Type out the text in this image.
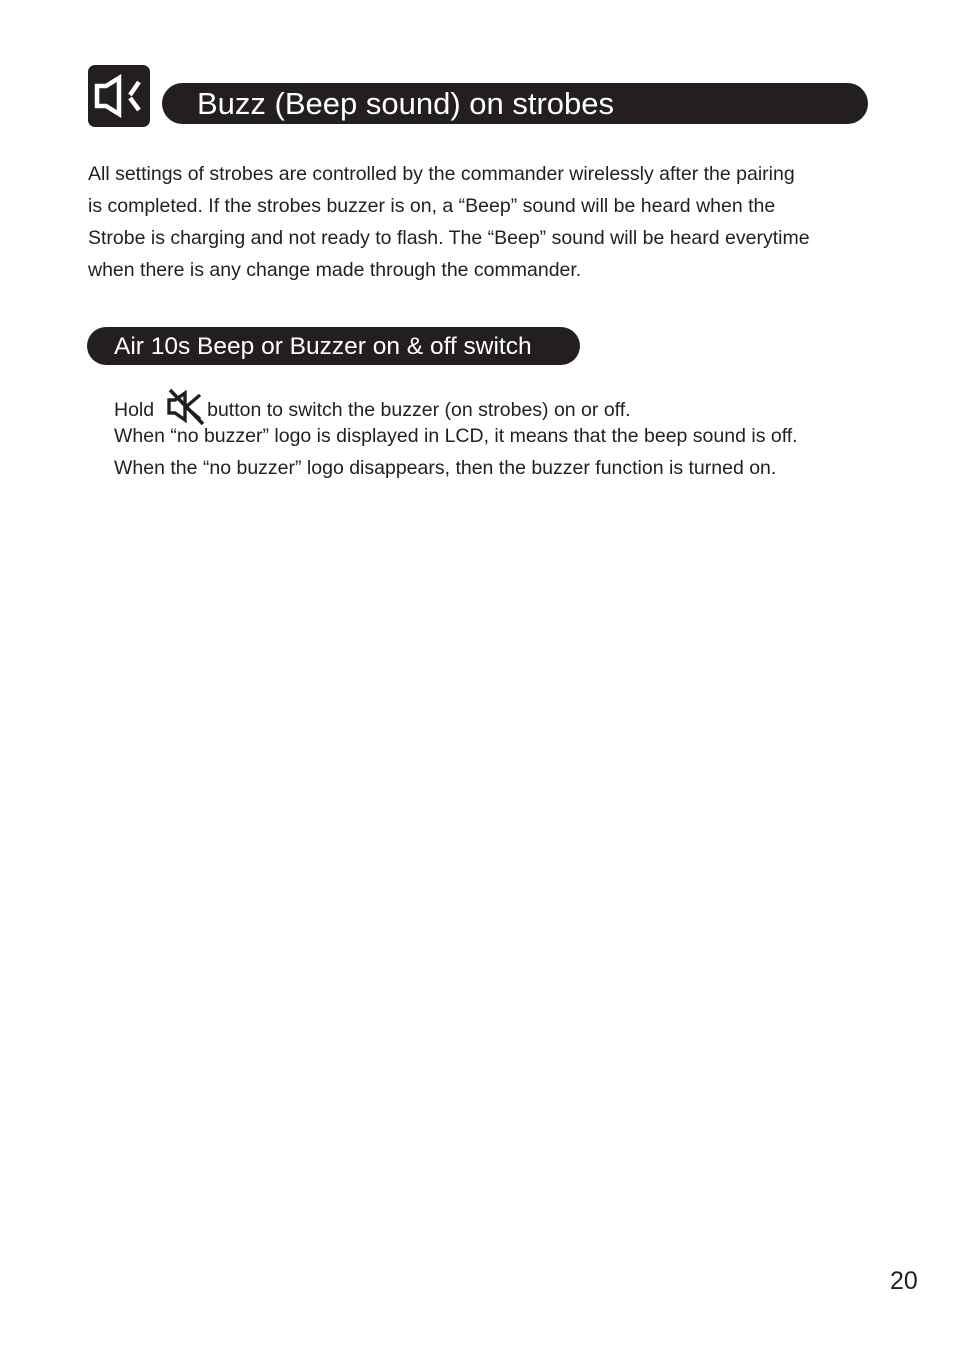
Buzz (Beep sound) on strobes
All settings of strobes are controlled by the commander wirelessly after the pairing
is completed. If the strobes buzzer is on, a “Beep” sound will be heard when the
Strobe is charging and not ready to flash. The “Beep” sound will be heard everytime
when there is any change made through the commander.
Air 10s Beep or Buzzer on & off switch
Hold	button to switch the buzzer (on strobes) on or off.
When “no buzzer” logo is displayed in LCD, it means that the beep sound is off.
When the “no buzzer” logo disappears, then the buzzer function is turned on.
20
